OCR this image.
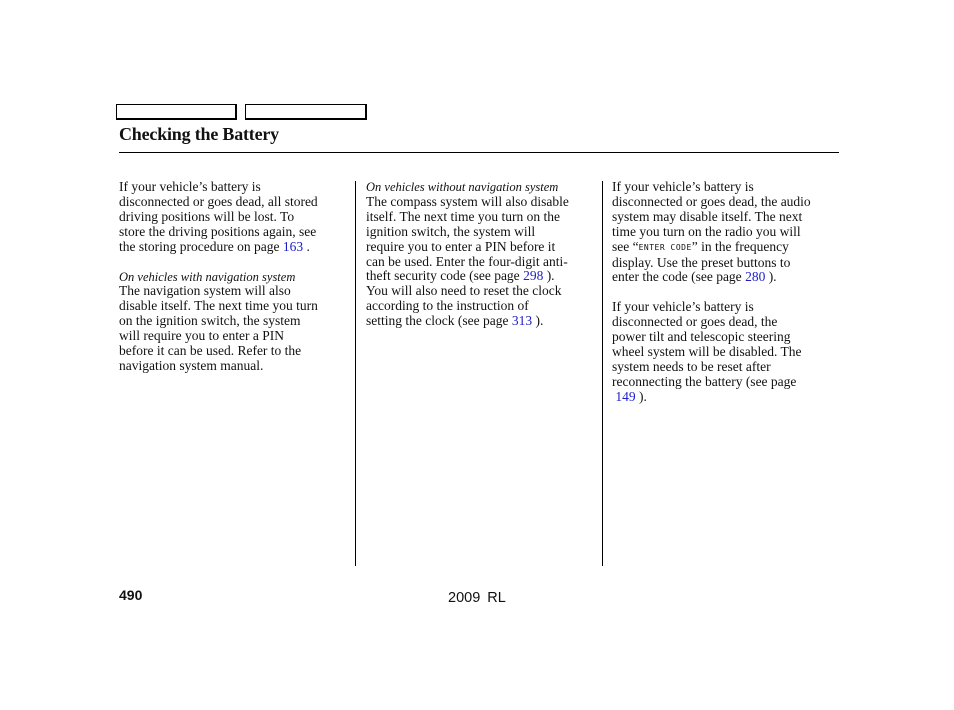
Checking the Battery

If your vehicle’s battery is
disconnected or goes dead, all stored
driving positions will be lost. To
store the driving positions again, see
the storing procedure on page 163 .

On vehicles with navigation system
The navigation system will also
disable itself. The next time you turn
on the ignition switch, the system
will require you to enter a PIN
before it can be used. Refer to the
navigation system manual.

On vehicles without navigation system
The compass system will also disable
itself. The next time you turn on the
ignition switch, the system will
require you to enter a PIN before it
can be used. Enter the four-digit anti-
theft security code (see page 298 ).
You will also need to reset the clock
according to the instruction of
setting the clock (see page 313 ).

If your vehicle’s battery is
disconnected or goes dead, the audio
system may disable itself. The next
time you turn on the radio you will
see “ENTER CODE” in the frequency
display. Use the preset buttons to
enter the code (see page 280 ).

If your vehicle’s battery is
disconnected or goes dead, the
power tilt and telescopic steering
wheel system will be disabled. The
system needs to be reset after
reconnecting the battery (see page
149 ).

490	2009 RL
